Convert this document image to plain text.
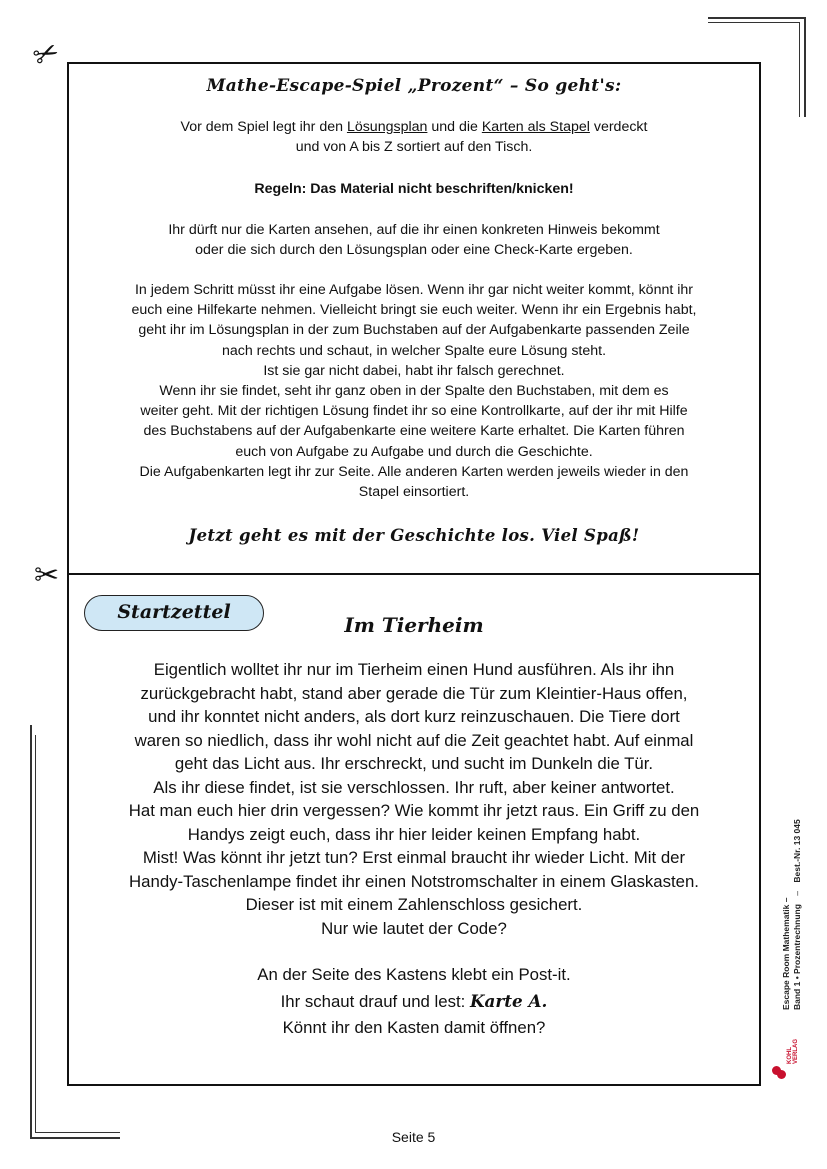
✂
✂
Mathe-Escape-Spiel „Prozent“ – So geht's:
Vor dem Spiel legt ihr den Lösungsplan und die Karten als Stapel verdeckt
und von A bis Z sortiert auf den Tisch.
Regeln: Das Material nicht beschriften/knicken!
Ihr dürft nur die Karten ansehen, auf die ihr einen konkreten Hinweis bekommt
oder die sich durch den Lösungsplan oder eine Check-Karte ergeben.
In jedem Schritt müsst ihr eine Aufgabe lösen. Wenn ihr gar nicht weiter kommt, könnt ihr
euch eine Hilfekarte nehmen. Vielleicht bringt sie euch weiter. Wenn ihr ein Ergebnis habt,
geht ihr im Lösungsplan in der zum Buchstaben auf der Aufgabenkarte passenden Zeile
nach rechts und schaut, in welcher Spalte eure Lösung steht.
Ist sie gar nicht dabei, habt ihr falsch gerechnet.
Wenn ihr sie findet, seht ihr ganz oben in der Spalte den Buchstaben, mit dem es
weiter geht. Mit der richtigen Lösung findet ihr so eine Kontrollkarte, auf der ihr mit Hilfe
des Buchstabens auf der Aufgabenkarte eine weitere Karte erhaltet. Die Karten führen
euch von Aufgabe zu Aufgabe und durch die Geschichte.
Die Aufgabenkarten legt ihr zur Seite. Alle anderen Karten werden jeweils wieder in den
Stapel einsortiert.
Jetzt geht es mit der Geschichte los. Viel Spaß!
Startzettel
Im Tierheim
Eigentlich wolltet ihr nur im Tierheim einen Hund ausführen. Als ihr ihn
zurückgebracht habt, stand aber gerade die Tür zum Kleintier-Haus offen,
und ihr konntet nicht anders, als dort kurz reinzuschauen. Die Tiere dort
waren so niedlich, dass ihr wohl nicht auf die Zeit geachtet habt. Auf einmal
geht das Licht aus. Ihr erschreckt, und sucht im Dunkeln die Tür.
Als ihr diese findet, ist sie verschlossen. Ihr ruft, aber keiner antwortet.
Hat man euch hier drin vergessen? Wie kommt ihr jetzt raus. Ein Griff zu den
Handys zeigt euch, dass ihr hier leider keinen Empfang habt.
Mist! Was könnt ihr jetzt tun? Erst einmal braucht ihr wieder Licht. Mit der
Handy-Taschenlampe findet ihr einen Notstromschalter in einem Glaskasten.
Dieser ist mit einem Zahlenschloss gesichert.
Nur wie lautet der Code?
An der Seite des Kastens klebt ein Post-it.
Ihr schaut drauf und lest: Karte A.
Könnt ihr den Kasten damit öffnen?
Escape Room Mathematik – Band 1 • Prozentrechnung – Best.-Nr. 13 045
KOHL VERLAG
Seite 5
